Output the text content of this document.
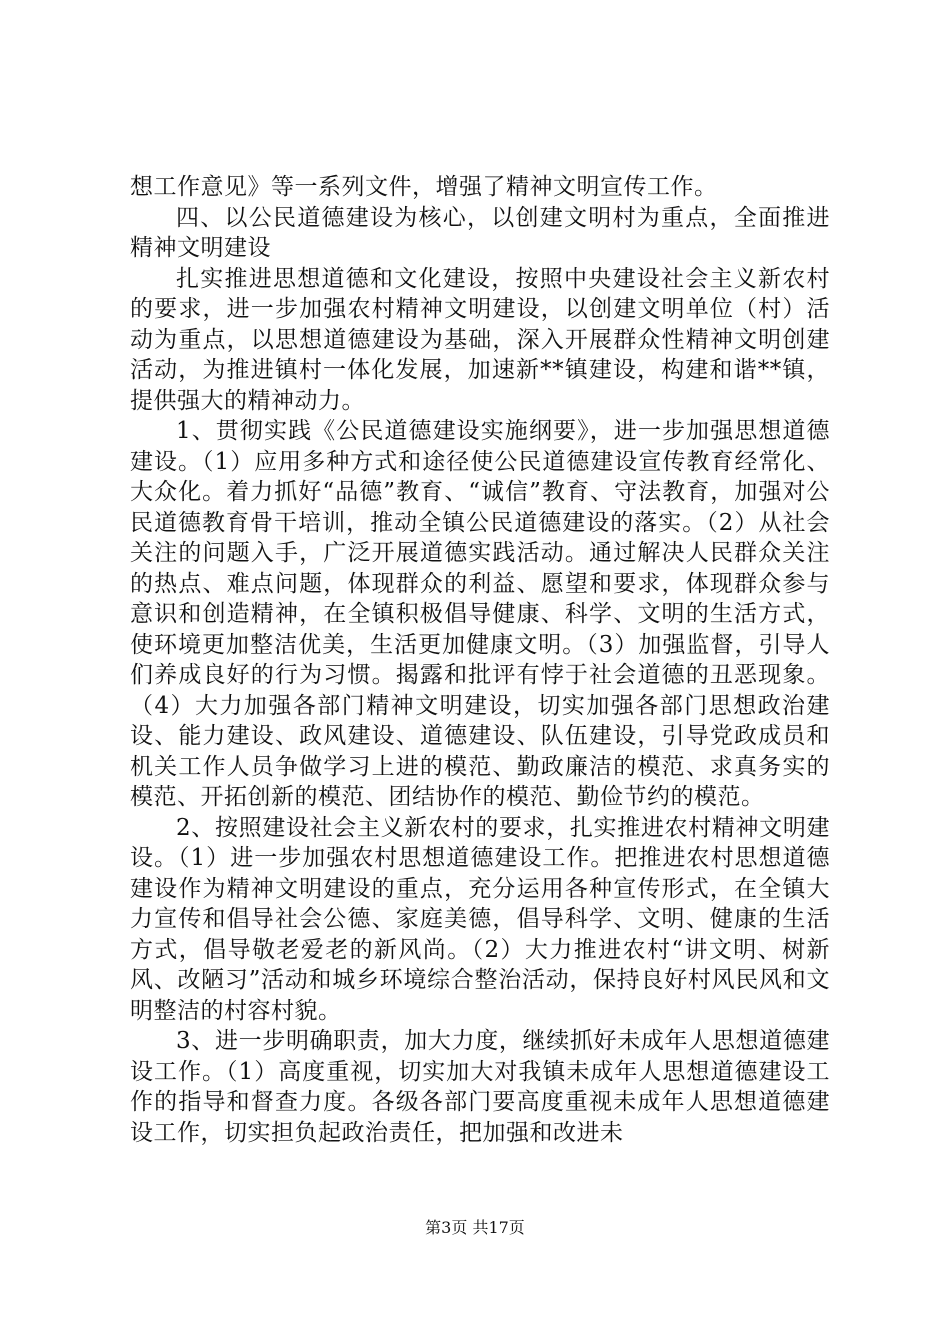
想工作意见》等一系列文件，增强了精神文明宣传工作。

四、以公民道德建设为核心，以创建文明村为重点，全面推进精神文明建设

扎实推进思想道德和文化建设，按照中央建设社会主义新农村的要求，进一步加强农村精神文明建设，以创建文明单位（村）活动为重点，以思想道德建设为基础，深入开展群众性精神文明创建活动，为推进镇村一体化发展，加速新**镇建设，构建和谐**镇，提供强大的精神动力。

1、贯彻实践《公民道德建设实施纲要》，进一步加强思想道德建设。（1）应用多种方式和途径使公民道德建设宣传教育经常化、大众化。着力抓好“品德”教育、“诚信”教育、守法教育，加强对公民道德教育骨干培训，推动全镇公民道德建设的落实。（2）从社会关注的问题入手，广泛开展道德实践活动。通过解决人民群众关注的热点、难点问题，体现群众的利益、愿望和要求，体现群众参与意识和创造精神，在全镇积极倡导健康、科学、文明的生活方式，使环境更加整洁优美，生活更加健康文明。（3）加强监督，引导人们养成良好的行为习惯。揭露和批评有悖于社会道德的丑恶现象。（4）大力加强各部门精神文明建设，切实加强各部门思想政治建设、能力建设、政风建设、道德建设、队伍建设，引导党政成员和机关工作人员争做学习上进的模范、勤政廉洁的模范、求真务实的模范、开拓创新的模范、团结协作的模范、勤俭节约的模范。

2、按照建设社会主义新农村的要求，扎实推进农村精神文明建设。（1）进一步加强农村思想道德建设工作。把推进农村思想道德建设作为精神文明建设的重点，充分运用各种宣传形式，在全镇大力宣传和倡导社会公德、家庭美德，倡导科学、文明、健康的生活方式，倡导敬老爱老的新风尚。（2）大力推进农村“讲文明、树新风、改陋习”活动和城乡环境综合整治活动，保持良好村风民风和文明整洁的村容村貌。

3、进一步明确职责，加大力度，继续抓好未成年人思想道德建设工作。（1）高度重视，切实加大对我镇未成年人思想道德建设工作的指导和督查力度。各级各部门要高度重视未成年人思想道德建设工作，切实担负起政治责任，把加强和改进未

第3页 共17页
